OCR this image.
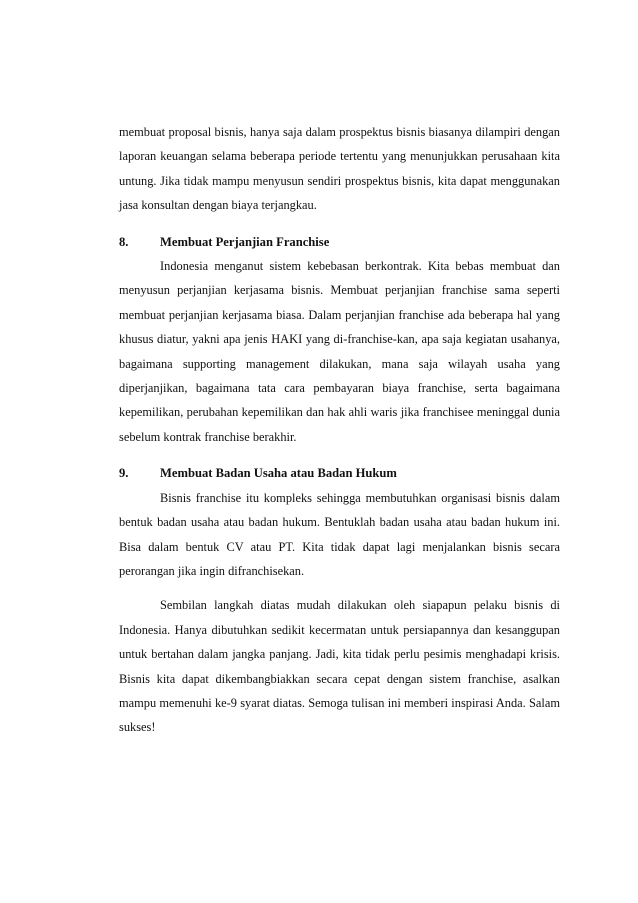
membuat proposal bisnis, hanya saja dalam prospektus bisnis biasanya dilampiri dengan laporan keuangan selama beberapa periode tertentu yang menunjukkan perusahaan kita untung. Jika tidak mampu menyusun sendiri prospektus bisnis, kita dapat menggunakan jasa konsultan dengan biaya terjangkau.

8.	Membuat Perjanjian Franchise

Indonesia menganut sistem kebebasan berkontrak. Kita bebas membuat dan menyusun perjanjian kerjasama bisnis. Membuat perjanjian franchise sama seperti membuat perjanjian kerjasama biasa. Dalam perjanjian franchise ada beberapa hal yang khusus diatur, yakni apa jenis HAKI yang di-franchise-kan, apa saja kegiatan usahanya, bagaimana supporting management dilakukan, mana saja wilayah usaha yang diperjanjikan, bagaimana tata cara pembayaran biaya franchise, serta bagaimana kepemilikan, perubahan kepemilikan dan hak ahli waris jika franchisee meninggal dunia sebelum kontrak franchise berakhir.

9.	Membuat Badan Usaha atau Badan Hukum

Bisnis franchise itu kompleks sehingga membutuhkan organisasi bisnis dalam bentuk badan usaha atau badan hukum. Bentuklah badan usaha atau badan hukum ini. Bisa dalam bentuk CV atau PT. Kita tidak dapat lagi menjalankan bisnis secara perorangan jika ingin difranchisekan.

Sembilan langkah diatas mudah dilakukan oleh siapapun pelaku bisnis di Indonesia. Hanya dibutuhkan sedikit kecermatan untuk persiapannya dan kesanggupan untuk bertahan dalam jangka panjang. Jadi, kita tidak perlu pesimis menghadapi krisis. Bisnis kita dapat dikembangbiakkan secara cepat dengan sistem franchise, asalkan mampu memenuhi ke-9 syarat diatas. Semoga tulisan ini memberi inspirasi Anda. Salam sukses!
